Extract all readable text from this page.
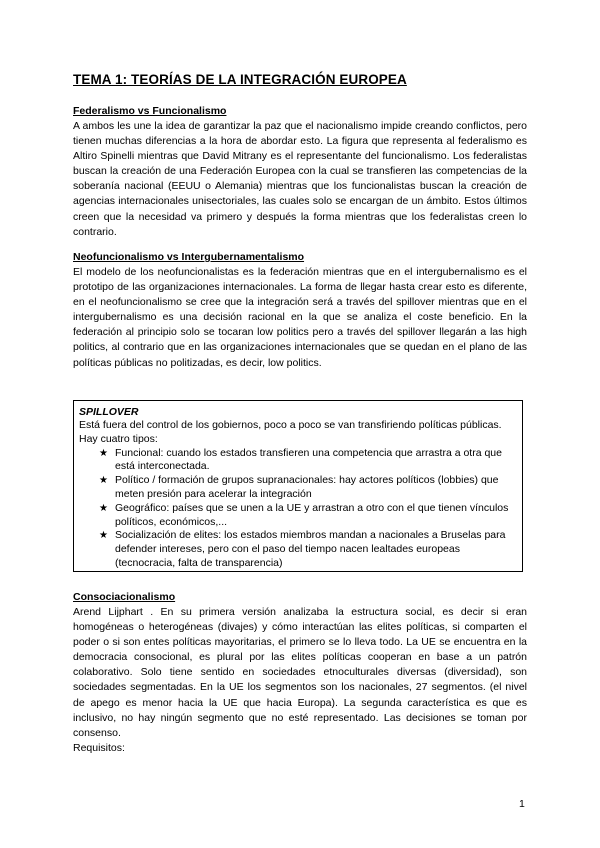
TEMA 1: TEORÍAS DE LA INTEGRACIÓN EUROPEA

Federalismo vs Funcionalismo

A ambos les une la idea de garantizar la paz que el nacionalismo impide creando conflictos, pero tienen muchas diferencias a la hora de abordar esto. La figura que representa al federalismo es Altiro Spinelli mientras que David Mitrany es el representante del funcionalismo. Los federalistas buscan la creación de una Federación Europea con la cual se transfieren las competencias de la soberanía nacional (EEUU o Alemania) mientras que los funcionalistas buscan la creación de agencias internacionales unisectoriales, las cuales solo se encargan de un ámbito. Estos últimos creen que la necesidad va primero y después la forma mientras que los federalistas creen lo contrario.

Neofuncionalismo vs Intergubernamentalismo

El modelo de los neofuncionalistas es la federación mientras que en el intergubernalismo es el prototipo de las organizaciones internacionales. La forma de llegar hasta crear esto es diferente, en el neofuncionalismo se cree que la integración será a través del spillover mientras que en el intergubernalismo es una decisión racional en la que se analiza el coste beneficio. En la federación al principio solo se tocaran low politics pero a través del spillover llegarán a las high politics, al contrario que en las organizaciones internacionales que se quedan en el plano de las políticas públicas no politizadas, es decir, low politics.

SPILLOVER

Está fuera del control de los gobiernos, poco a poco se van transfiriendo políticas públicas. Hay cuatro tipos:

★ Funcional: cuando los estados transfieren una competencia que arrastra a otra que está interconectada.
★ Político / formación de grupos supranacionales: hay actores políticos (lobbies) que meten presión para acelerar la integración
★ Geográfico: países que se unen a la UE y arrastran a otro con el que tienen vínculos políticos, económicos,...
★ Socialización de elites: los estados miembros mandan a nacionales a Bruselas para defender intereses, pero con el paso del tiempo nacen lealtades europeas (tecnocracia, falta de transparencia)

Consociacionalismo

Arend Lijphart . En su primera versión analizaba la estructura social, es decir si eran homogéneas o heterogéneas (divajes) y cómo interactúan las elites políticas, si comparten el poder o si son entes políticas mayoritarias, el primero se lo lleva todo. La UE se encuentra en la democracia consocional, es plural por las elites políticas cooperan en base a un patrón colaborativo. Solo tiene sentido en sociedades etnoculturales diversas (diversidad), son sociedades segmentadas. En la UE los segmentos son los nacionales, 27 segmentos. (el nivel de apego es menor hacia la UE que hacia Europa). La segunda característica es que es inclusivo, no hay ningún segmento que no esté representado. Las decisiones se toman por consenso.

Requisitos:

1
